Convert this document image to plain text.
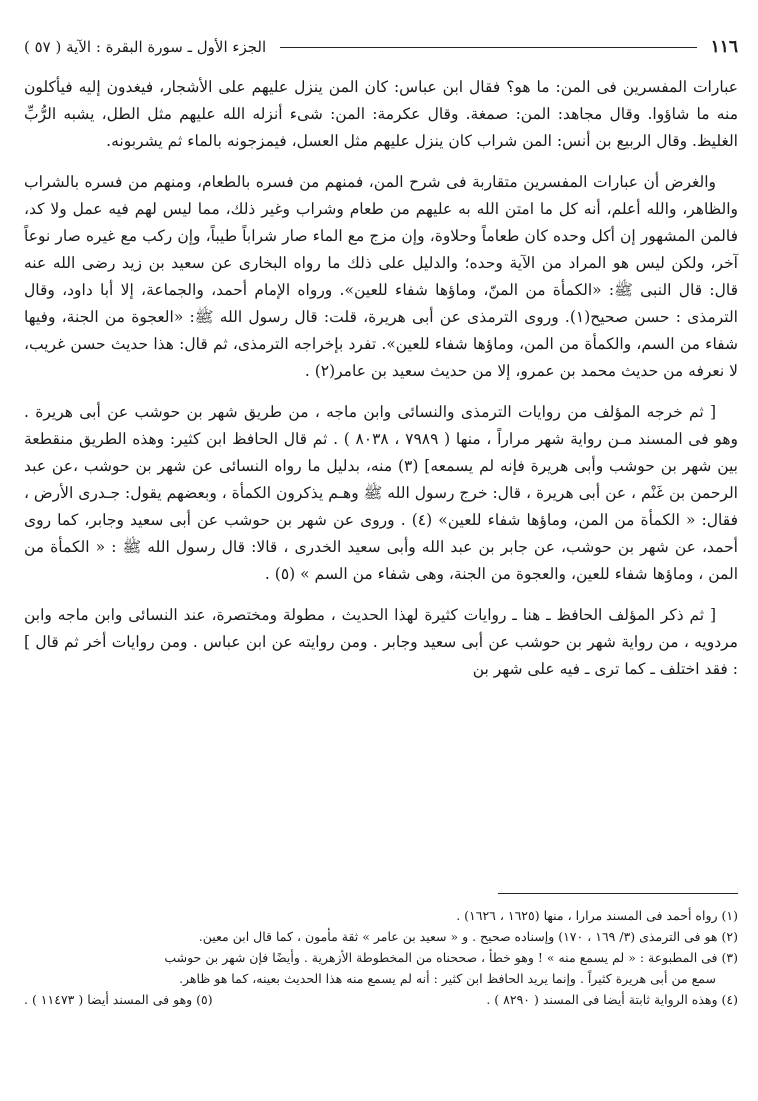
١١٦
الجزء الأول ـ سورة البقرة : الآية ( ٥٧ )

عبارات المفسرين فى المن: ما هو؟ فقال ابن عباس: كان المن ينزل عليهم على الأشجار، فيغدون إليه فيأكلون منه ما شاؤوا. وقال مجاهد: المن: صمغة. وقال عكرمة: المن: شىء أنزله الله عليهم مثل الطل، يشبه الرُّبِّ الغليظ. وقال الربيع بن أنس: المن شراب كان ينزل عليهم مثل العسل، فيمزجونه بالماء ثم يشربونه.

والغرض أن عبارات المفسرين متقاربة فى شرح المن، فمنهم من فسره بالطعام، ومنهم من فسره بالشراب والظاهر، والله أعلم، أنه كل ما امتن الله به عليهم من طعام وشراب وغير ذلك، مما ليس لهم فيه عمل ولا كد، فالمن المشهور إن أكل وحده كان طعاماً وحلاوة، وإن مزج مع الماء صار شراباً طيباً، وإن ركب مع غيره صار نوعاً آخر، ولكن ليس هو المراد من الآية وحده؛ والدليل على ذلك ما رواه البخارى عن سعيد بن زيد رضى الله عنه قال: قال النبى ﷺ: «الكمأة من المنّ، وماؤها شفاء للعين». ورواه الإمام أحمد، والجماعة، إلا أبا داود، وقال الترمذى : حسن صحيح(١). وروى الترمذى عن أبى هريرة، قلت: قال رسول الله ﷺ: «العجوة من الجنة، وفيها شفاء من السم، والكمأة من المن، وماؤها شفاء للعين». تفرد بإخراجه الترمذى، ثم قال: هذا حديث حسن غريب، لا نعرفه من حديث محمد بن عمرو، إلا من حديث سعيد بن عامر(٢) .

[ ثم خرجه المؤلف من روايات الترمذى والنسائى وابن ماجه ، من طريق شهر بن حوشب عن أبى هريرة . وهو فى المسند مـن رواية شهر مراراً ، منها ( ٧٩٨٩ ، ٨٠٣٨ ) . ثم قال الحافظ ابن كثير: وهذه الطريق منقطعة بين شهر بن حوشب وأبى هريرة فإنه لم يسمعه] (٣) منه، بدليل ما رواه النسائى عن شهر بن حوشب ،عن عبد الرحمن بن غَنْم ، عن أبى هريرة ، قال: خرج رسول الله ﷺ وهـم يذكرون الكمأة ، وبعضهم يقول: جـدرى الأرض ، فقال: « الكمأة من المن، وماؤها شفاء للعين» (٤) . وروى عن شهر بن حوشب عن أبى سعيد وجابر، كما روى أحمد، عن شهر بن حوشب، عن جابر بن عبد الله وأبى سعيد الخدرى ، قالا: قال رسول الله ﷺ : « الكمأة من المن ، وماؤها شفاء للعين، والعجوة من الجنة، وهى شفاء من السم » (٥) .

[ ثم ذكر المؤلف الحافظ ـ هنا ـ روايات كثيرة لهذا الحديث ، مطولة ومختصرة، عند النسائى وابن ماجه وابن مردويه ، من رواية شهر بن حوشب عن أبى سعيد وجابر . ومن روايته عن ابن عباس . ومن روايات أخر ثم قال ] : فقد اختلف ـ كما ترى ـ فيه على شهر بن

(١) رواه أحمد فى المسند مرارا ، منها (١٦٢٥ ، ١٦٢٦) .

(٢) هو فى الترمذى (٣/ ١٦٩ ، ١٧٠) وإسناده صحيح . و « سعيد بن عامر » ثقة مأمون ، كما قال ابن معين.

(٣) فى المطبوعة : « لم يسمع منه » ! وهو خطأ ، صححناه من المخطوطة الأزهرية . وأيضًا فإن شهر بن حوشب

سمع من أبى هريرة كثيراً . وإنما يريد الحافظ ابن كثير : أنه لم يسمع منه هذا الحديث بعينه، كما هو ظاهر.

(٤) وهذه الرواية ثابتة أيضا فى المسند ( ٨٢٩٠ ) .
(٥) وهو فى المسند أيضا ( ١١٤٧٣ ) .
